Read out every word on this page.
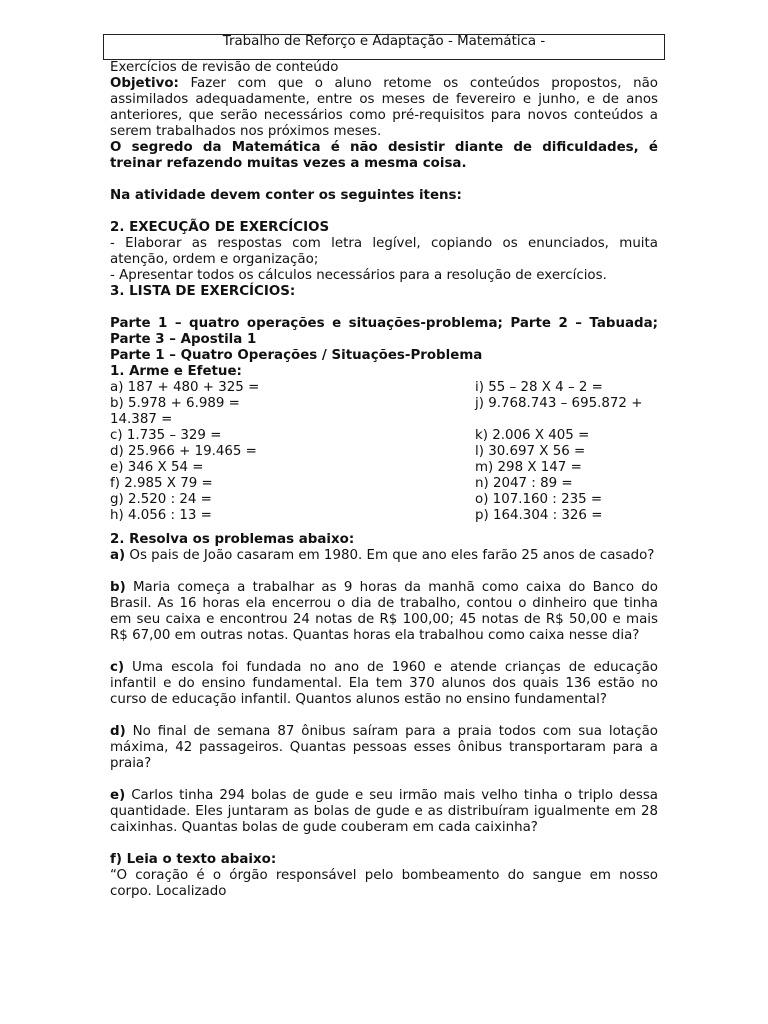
Trabalho de Reforço e Adaptação - Matemática -

Exercícios de revisão de conteúdo

Objetivo: Fazer com que o aluno retome os conteúdos propostos, não assimilados adequadamente, entre os meses de fevereiro e junho, e de anos anteriores, que serão necessários como pré-requisitos para novos conteúdos a serem trabalhados nos próximos meses.

O segredo da Matemática é não desistir diante de dificuldades, é treinar refazendo muitas vezes a mesma coisa.

Na atividade devem conter os seguintes itens:

2. EXECUÇÃO DE EXERCÍCIOS

- Elaborar as respostas com letra legível, copiando os enunciados, muita atenção, ordem e organização;

- Apresentar todos os cálculos necessários para a resolução de exercícios.

3. LISTA DE EXERCÍCIOS:

Parte 1 – quatro operações e situações-problema; Parte 2 – Tabuada; Parte 3 – Apostila 1

Parte 1 – Quatro Operações / Situações-Problema

1. Arme e Efetue:

a) 187 + 480 + 325 =

b) 5.978 + 6.989 =

14.387 =

c) 1.735 – 329 =

d) 25.966 + 19.465 =

e) 346 X 54 =

f) 2.985 X 79 =

g) 2.520 : 24 =

h) 4.056 : 13 =

i) 55 – 28 X 4 – 2 =

j) 9.768.743 – 695.872 +

k) 2.006 X 405 =

l) 30.697 X 56 =

m) 298 X 147 =

n) 2047 : 89 =

o) 107.160 : 235 =

p) 164.304 : 326 =

2. Resolva os problemas abaixo:

a) Os pais de João casaram em 1980. Em que ano eles farão 25 anos de casado?

b) Maria começa a trabalhar as 9 horas da manhã como caixa do Banco do Brasil. As 16 horas ela encerrou o dia de trabalho, contou o dinheiro que tinha em seu caixa e encontrou 24 notas de R$ 100,00; 45 notas de R$ 50,00 e mais R$ 67,00 em outras notas. Quantas horas ela trabalhou como caixa nesse dia?

c) Uma escola foi fundada no ano de 1960 e atende crianças de educação infantil e do ensino fundamental. Ela tem 370 alunos dos quais 136 estão no curso de educação infantil. Quantos alunos estão no ensino fundamental?

d) No final de semana 87 ônibus saíram para a praia todos com sua lotação máxima, 42 passageiros. Quantas pessoas esses ônibus transportaram para a praia?

e) Carlos tinha 294 bolas de gude e seu irmão mais velho tinha o triplo dessa quantidade. Eles juntaram as bolas de gude e as distribuíram igualmente em 28 caixinhas. Quantas bolas de gude couberam em cada caixinha?

f) Leia o texto abaixo:

“O coração é o órgão responsável pelo bombeamento do sangue em nosso corpo. Localizado
